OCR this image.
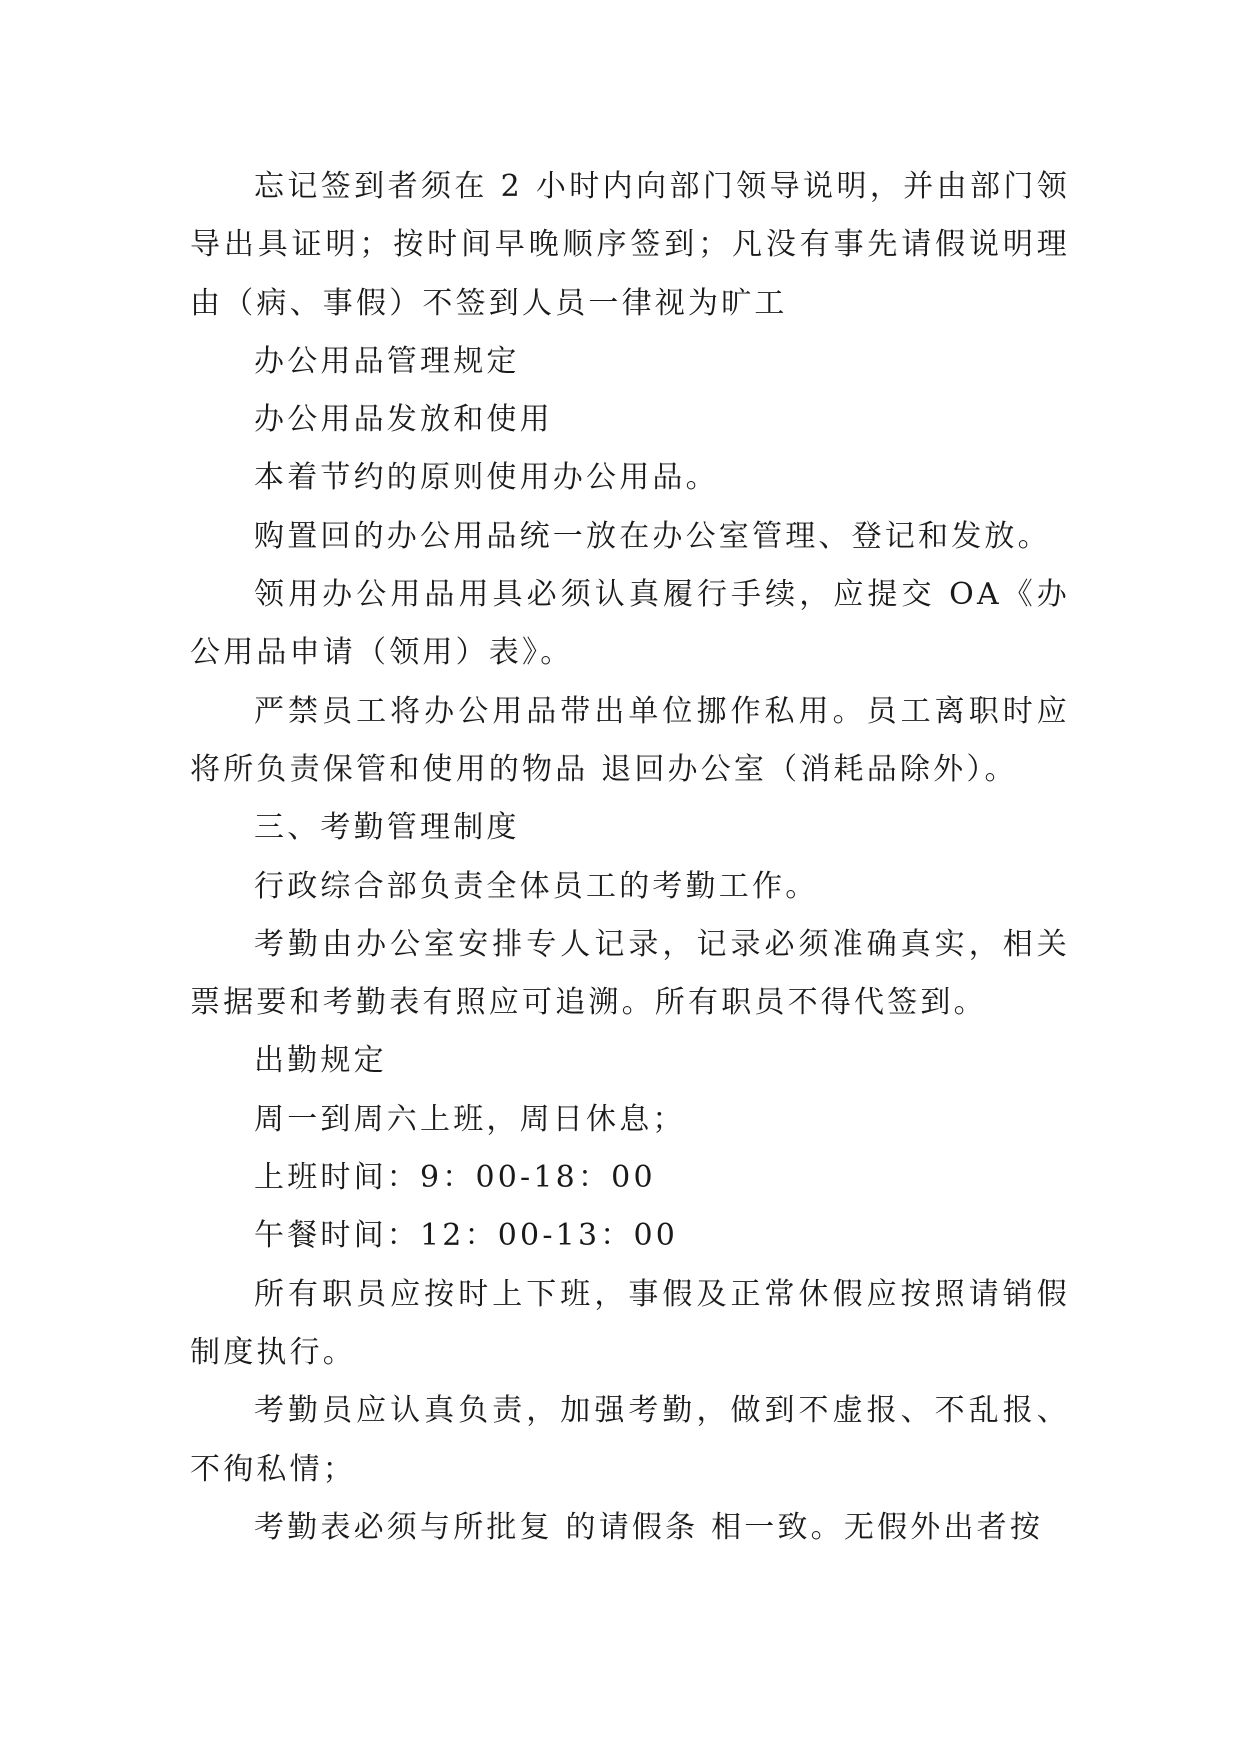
忘记签到者须在 2 小时内向部门领导说明，并由部门领导出具证明；按时间早晚顺序签到；凡没有事先请假说明理由（病、事假）不签到人员一律视为旷工

办公用品管理规定

办公用品发放和使用

本着节约的原则使用办公用品。

购置回的办公用品统一放在办公室管理、登记和发放。

领用办公用品用具必须认真履行手续，应提交 OA《办公用品申请（领用）表》。

严禁员工将办公用品带出单位挪作私用。员工离职时应将所负责保管和使用的物品 退回办公室（消耗品除外）。

三、考勤管理制度

行政综合部负责全体员工的考勤工作。

考勤由办公室安排专人记录，记录必须准确真实，相关票据要和考勤表有照应可追溯。所有职员不得代签到。

出勤规定

周一到周六上班，周日休息；

上班时间：9：00-18：00

午餐时间：12：00-13：00

所有职员应按时上下班，事假及正常休假应按照请销假制度执行。

考勤员应认真负责，加强考勤，做到不虚报、不乱报、不徇私情；

考勤表必须与所批复 的请假条 相一致。无假外出者按
